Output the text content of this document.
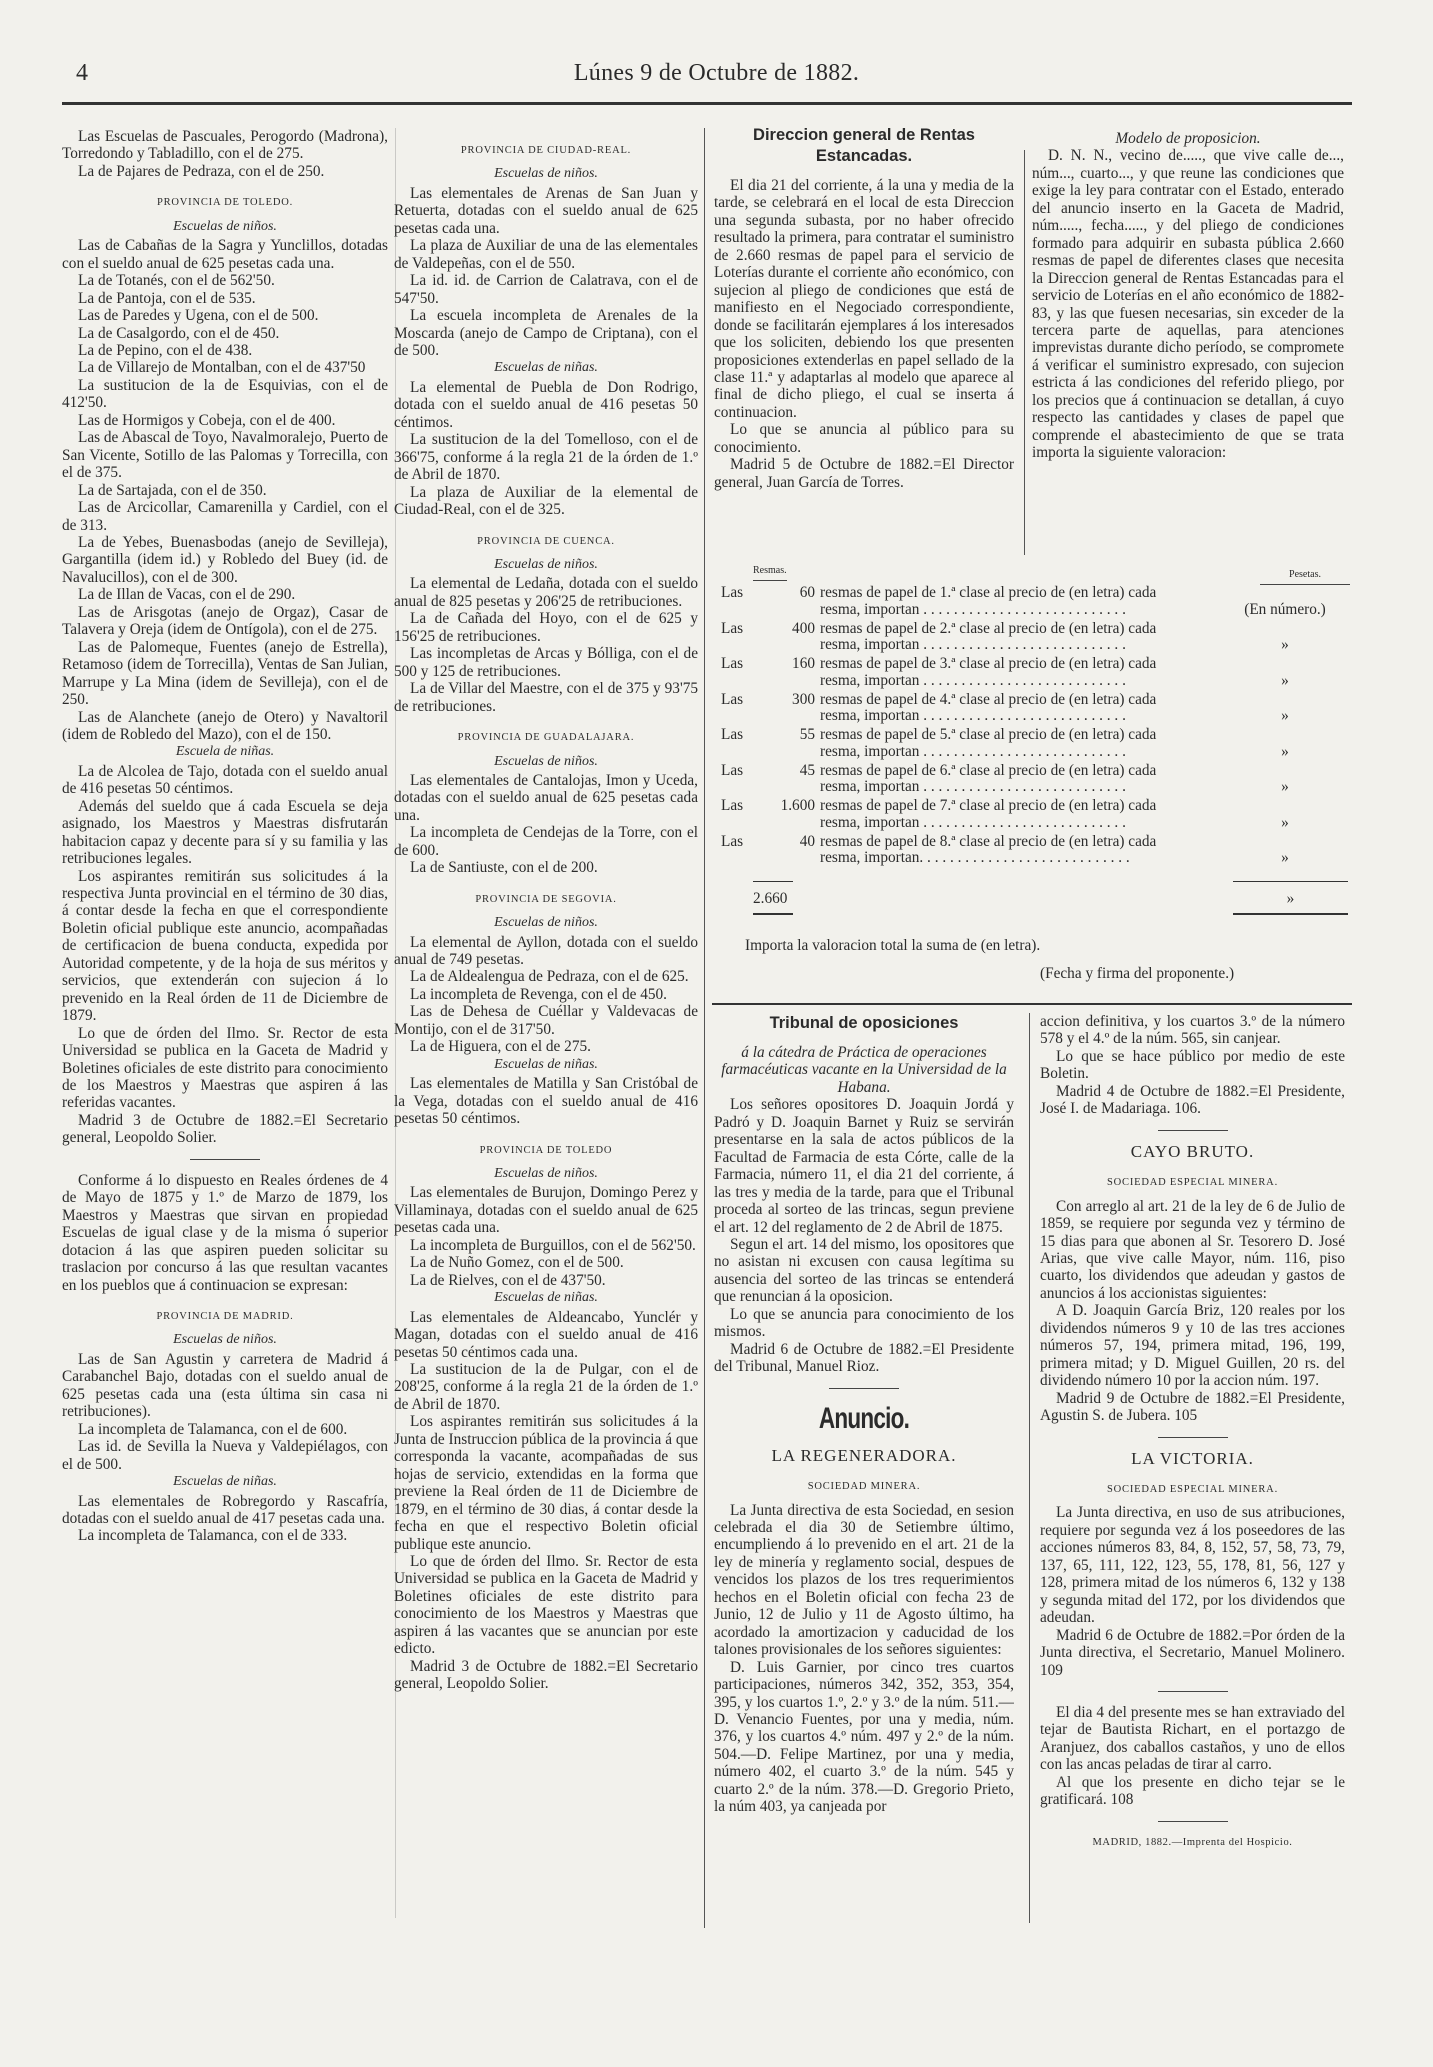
4	Lúnes 9 de Octubre de 1882.

Las Escuelas de Pascuales, Perogordo (Madrona), Torredondo y Tabladillo, con el de 275.

La de Pajares de Pedraza, con el de 250.

PROVINCIA DE TOLEDO.

Escuelas de niños.

Las de Cabañas de la Sagra y Yunclillos, dotadas con el sueldo anual de 625 pesetas cada una.

La de Totanés, con el de 562'50.

La de Pantoja, con el de 535.

Las de Paredes y Ugena, con el de 500.

La de Casalgordo, con el de 450.

La de Pepino, con el de 438.

La de Villarejo de Montalban, con el de 437'50

La sustitucion de la de Esquivias, con el de 412'50.

Las de Hormigos y Cobeja, con el de 400.

Las de Abascal de Toyo, Navalmoralejo, Puerto de San Vicente, Sotillo de las Palomas y Torrecilla, con el de 375.

La de Sartajada, con el de 350.

Las de Arcicollar, Camarenilla y Cardiel, con el de 313.

La de Yebes, Buenasbodas (anejo de Sevilleja), Gargantilla (idem id.) y Robledo del Buey (id. de Navalucillos), con el de 300.

La de Illan de Vacas, con el de 290.

Las de Arisgotas (anejo de Orgaz), Casar de Talavera y Oreja (idem de Ontígola), con el de 275.

Las de Palomeque, Fuentes (anejo de Estrella), Retamoso (idem de Torrecilla), Ventas de San Julian, Marrupe y La Mina (idem de Sevilleja), con el de 250.

Las de Alanchete (anejo de Otero) y Navaltoril (idem de Robledo del Mazo), con el de 150.

Escuela de niñas.

La de Alcolea de Tajo, dotada con el sueldo anual de 416 pesetas 50 céntimos.

Además del sueldo que á cada Escuela se deja asignado, los Maestros y Maestras disfrutarán habitacion capaz y decente para sí y su familia y las retribuciones legales.

Los aspirantes remitirán sus solicitudes á la respectiva Junta provincial en el término de 30 dias, á contar desde la fecha en que el correspondiente Boletin oficial publique este anuncio, acompañadas de certificacion de buena conducta, expedida por Autoridad competente, y de la hoja de sus méritos y servicios, que extenderán con sujecion á lo prevenido en la Real órden de 11 de Diciembre de 1879.

Lo que de órden del Ilmo. Sr. Rector de esta Universidad se publica en la Gaceta de Madrid y Boletines oficiales de este distrito para conocimiento de los Maestros y Maestras que aspiren á las referidas vacantes.

Madrid 3 de Octubre de 1882.=El Secretario general, Leopoldo Solier.

Conforme á lo dispuesto en Reales órdenes de 4 de Mayo de 1875 y 1.º de Marzo de 1879, los Maestros y Maestras que sirvan en propiedad Escuelas de igual clase y de la misma ó superior dotacion á las que aspiren pueden solicitar su traslacion por concurso á las que resultan vacantes en los pueblos que á continuacion se expresan:

PROVINCIA DE MADRID.

Escuelas de niños.

Las de San Agustin y carretera de Madrid á Carabanchel Bajo, dotadas con el sueldo anual de 625 pesetas cada una (esta última sin casa ni retribuciones).

La incompleta de Talamanca, con el de 600.

Las id. de Sevilla la Nueva y Valdepiélagos, con el de 500.

Escuelas de niñas.

Las elementales de Robregordo y Rascafría, dotadas con el sueldo anual de 417 pesetas cada una.

La incompleta de Talamanca, con el de 333.

PROVINCIA DE CIUDAD-REAL.

Escuelas de niños.

Las elementales de Arenas de San Juan y Retuerta, dotadas con el sueldo anual de 625 pesetas cada una.

La plaza de Auxiliar de una de las elementales de Valdepeñas, con el de 550.

La id. id. de Carrion de Calatrava, con el de 547'50.

La escuela incompleta de Arenales de la Moscarda (anejo de Campo de Criptana), con el de 500.

Escuelas de niñas.

La elemental de Puebla de Don Rodrigo, dotada con el sueldo anual de 416 pesetas 50 céntimos.

La sustitucion de la del Tomelloso, con el de 366'75, conforme á la regla 21 de la órden de 1.º de Abril de 1870.

La plaza de Auxiliar de la elemental de Ciudad-Real, con el de 325.

PROVINCIA DE CUENCA.

Escuelas de niños.

La elemental de Ledaña, dotada con el sueldo anual de 825 pesetas y 206'25 de retribuciones.

La de Cañada del Hoyo, con el de 625 y 156'25 de retribuciones.

Las incompletas de Arcas y Bólliga, con el de 500 y 125 de retribuciones.

La de Villar del Maestre, con el de 375 y 93'75 de retribuciones.

PROVINCIA DE GUADALAJARA.

Escuelas de niños.

Las elementales de Cantalojas, Imon y Uceda, dotadas con el sueldo anual de 625 pesetas cada una.

La incompleta de Cendejas de la Torre, con el de 600.

La de Santiuste, con el de 200.

PROVINCIA DE SEGOVIA.

Escuelas de niños.

La elemental de Ayllon, dotada con el sueldo anual de 749 pesetas.

La de Aldealengua de Pedraza, con el de 625.

La incompleta de Revenga, con el de 450.

Las de Dehesa de Cuéllar y Valdevacas de Montijo, con el de 317'50.

La de Higuera, con el de 275.

Escuelas de niñas.

Las elementales de Matilla y San Cristóbal de la Vega, dotadas con el sueldo anual de 416 pesetas 50 céntimos.

PROVINCIA DE TOLEDO

Escuelas de niños.

Las elementales de Burujon, Domingo Perez y Villaminaya, dotadas con el sueldo anual de 625 pesetas cada una.

La incompleta de Burguillos, con el de 562'50.

La de Nuño Gomez, con el de 500.

La de Rielves, con el de 437'50.

Escuelas de niñas.

Las elementales de Aldeancabo, Yunclér y Magan, dotadas con el sueldo anual de 416 pesetas 50 céntimos cada una.

La sustitucion de la de Pulgar, con el de 208'25, conforme á la regla 21 de la órden de 1.º de Abril de 1870.

Los aspirantes remitirán sus solicitudes á la Junta de Instruccion pública de la provincia á que corresponda la vacante, acompañadas de sus hojas de servicio, extendidas en la forma que previene la Real órden de 11 de Diciembre de 1879, en el término de 30 dias, á contar desde la fecha en que el respectivo Boletin oficial publique este anuncio.

Lo que de órden del Ilmo. Sr. Rector de esta Universidad se publica en la Gaceta de Madrid y Boletines oficiales de este distrito para conocimiento de los Maestros y Maestras que aspiren á las vacantes que se anuncian por este edicto.

Madrid 3 de Octubre de 1882.=El Secretario general, Leopoldo Solier.

Direccion general de Rentas Estancadas.

El dia 21 del corriente, á la una y media de la tarde, se celebrará en el local de esta Direccion una segunda subasta, por no haber ofrecido resultado la primera, para contratar el suministro de 2.660 resmas de papel para el servicio de Loterías durante el corriente año económico, con sujecion al pliego de condiciones que está de manifiesto en el Negociado correspondiente, donde se facilitarán ejemplares á los interesados que los soliciten, debiendo los que presenten proposiciones extenderlas en papel sellado de la clase 11.ª y adaptarlas al modelo que aparece al final de dicho pliego, el cual se inserta á continuacion.

Lo que se anuncia al público para su conocimiento.

Madrid 5 de Octubre de 1882.=El Director general, Juan García de Torres.

Modelo de proposicion.

D. N. N., vecino de....., que vive calle de..., núm..., cuarto..., y que reune las condiciones que exige la ley para contratar con el Estado, enterado del anuncio inserto en la Gaceta de Madrid, núm....., fecha....., y del pliego de condiciones formado para adquirir en subasta pública 2.660 resmas de papel de diferentes clases que necesita la Direccion general de Rentas Estancadas para el servicio de Loterías en el año económico de 1882-83, y las que fuesen necesarias, sin exceder de la tercera parte de aquellas, para atenciones imprevistas durante dicho período, se compromete á verificar el suministro expresado, con sujecion estricta á las condiciones del referido pliego, por los precios que á continuacion se detallan, á cuyo respecto las cantidades y clases de papel que comprende el abastecimiento de que se trata importa la siguiente valoracion:

Resmas.	Pesetas.
Las	60 resmas de papel de 1.ª clase al precio de (en letra) cada
resma, importan . . . . . . . . . . . . . . . . . . . . . . . . . . .	(En número.)
Las	400 resmas de papel de 2.ª clase al precio de (en letra) cada
resma, importan . . . . . . . . . . . . . . . . . . . . . . . . . . .	»
Las	160 resmas de papel de 3.ª clase al precio de (en letra) cada
resma, importan . . . . . . . . . . . . . . . . . . . . . . . . . . .	»
Las	300 resmas de papel de 4.ª clase al precio de (en letra) cada
resma, importan . . . . . . . . . . . . . . . . . . . . . . . . . . .	»
Las	55 resmas de papel de 5.ª clase al precio de (en letra) cada
resma, importan . . . . . . . . . . . . . . . . . . . . . . . . . . .	»
Las	45 resmas de papel de 6.ª clase al precio de (en letra) cada
resma, importan . . . . . . . . . . . . . . . . . . . . . . . . . . .	»
Las	1.600 resmas de papel de 7.ª clase al precio de (en letra) cada
resma, importan . . . . . . . . . . . . . . . . . . . . . . . . . . .	»
Las	40 resmas de papel de 8.ª clase al precio de (en letra) cada
resma, importan. . . . . . . . . . . . . . . . . . . . . . . . . . . .	»
2.660	»
Importa la valoracion total la suma de (en letra).
(Fecha y firma del proponente.)

Tribunal de oposiciones

á la cátedra de Práctica de operaciones farmacéuticas vacante en la Universidad de la Habana.

Los señores opositores D. Joaquin Jordá y Padró y D. Joaquin Barnet y Ruiz se servirán presentarse en la sala de actos públicos de la Facultad de Farmacia de esta Córte, calle de la Farmacia, número 11, el dia 21 del corriente, á las tres y media de la tarde, para que el Tribunal proceda al sorteo de las trincas, segun previene el art. 12 del reglamento de 2 de Abril de 1875.

Segun el art. 14 del mismo, los opositores que no asistan ni excusen con causa legítima su ausencia del sorteo de las trincas se entenderá que renuncian á la oposicion.

Lo que se anuncia para conocimiento de los mismos.

Madrid 6 de Octubre de 1882.=El Presidente del Tribunal, Manuel Rioz.

Anuncio.

LA REGENERADORA.

SOCIEDAD MINERA.

La Junta directiva de esta Sociedad, en sesion celebrada el dia 30 de Setiembre último, encumpliendo á lo prevenido en el art. 21 de la ley de minería y reglamento social, despues de vencidos los plazos de los tres requerimientos hechos en el Boletin oficial con fecha 23 de Junio, 12 de Julio y 11 de Agosto último, ha acordado la amortizacion y caducidad de los talones provisionales de los señores siguientes:

D. Luis Garnier, por cinco tres cuartos participaciones, números 342, 352, 353, 354, 395, y los cuartos 1.º, 2.º y 3.º de la núm. 511.—D. Venancio Fuentes, por una y media, núm. 376, y los cuartos 4.º núm. 497 y 2.º de la núm. 504.—D. Felipe Martinez, por una y media, número 402, el cuarto 3.º de la núm. 545 y cuarto 2.º de la núm. 378.—D. Gregorio Prieto, la núm 403, ya canjeada por

accion definitiva, y los cuartos 3.º de la número 578 y el 4.º de la núm. 565, sin canjear.

Lo que se hace público por medio de este Boletin.

Madrid 4 de Octubre de 1882.=El Presidente, José I. de Madariaga. 106.

CAYO BRUTO.

SOCIEDAD ESPECIAL MINERA.

Con arreglo al art. 21 de la ley de 6 de Julio de 1859, se requiere por segunda vez y término de 15 dias para que abonen al Sr. Tesorero D. José Arias, que vive calle Mayor, núm. 116, piso cuarto, los dividendos que adeudan y gastos de anuncios á los accionistas siguientes:

A D. Joaquin García Briz, 120 reales por los dividendos números 9 y 10 de las tres acciones números 57, 194, primera mitad, 196, 199, primera mitad; y D. Miguel Guillen, 20 rs. del dividendo número 10 por la accion núm. 197.

Madrid 9 de Octubre de 1882.=El Presidente, Agustin S. de Jubera. 105

LA VICTORIA.

SOCIEDAD ESPECIAL MINERA.

La Junta directiva, en uso de sus atribuciones, requiere por segunda vez á los poseedores de las acciones números 83, 84, 8, 152, 57, 58, 73, 79, 137, 65, 111, 122, 123, 55, 178, 81, 56, 127 y 128, primera mitad de los números 6, 132 y 138 y segunda mitad del 172, por los dividendos que adeudan.

Madrid 6 de Octubre de 1882.=Por órden de la Junta directiva, el Secretario, Manuel Molinero. 109

El dia 4 del presente mes se han extraviado del tejar de Bautista Richart, en el portazgo de Aranjuez, dos caballos castaños, y uno de ellos con las ancas peladas de tirar al carro.

Al que los presente en dicho tejar se le gratificará. 108

MADRID, 1882.—Imprenta del Hospicio.
